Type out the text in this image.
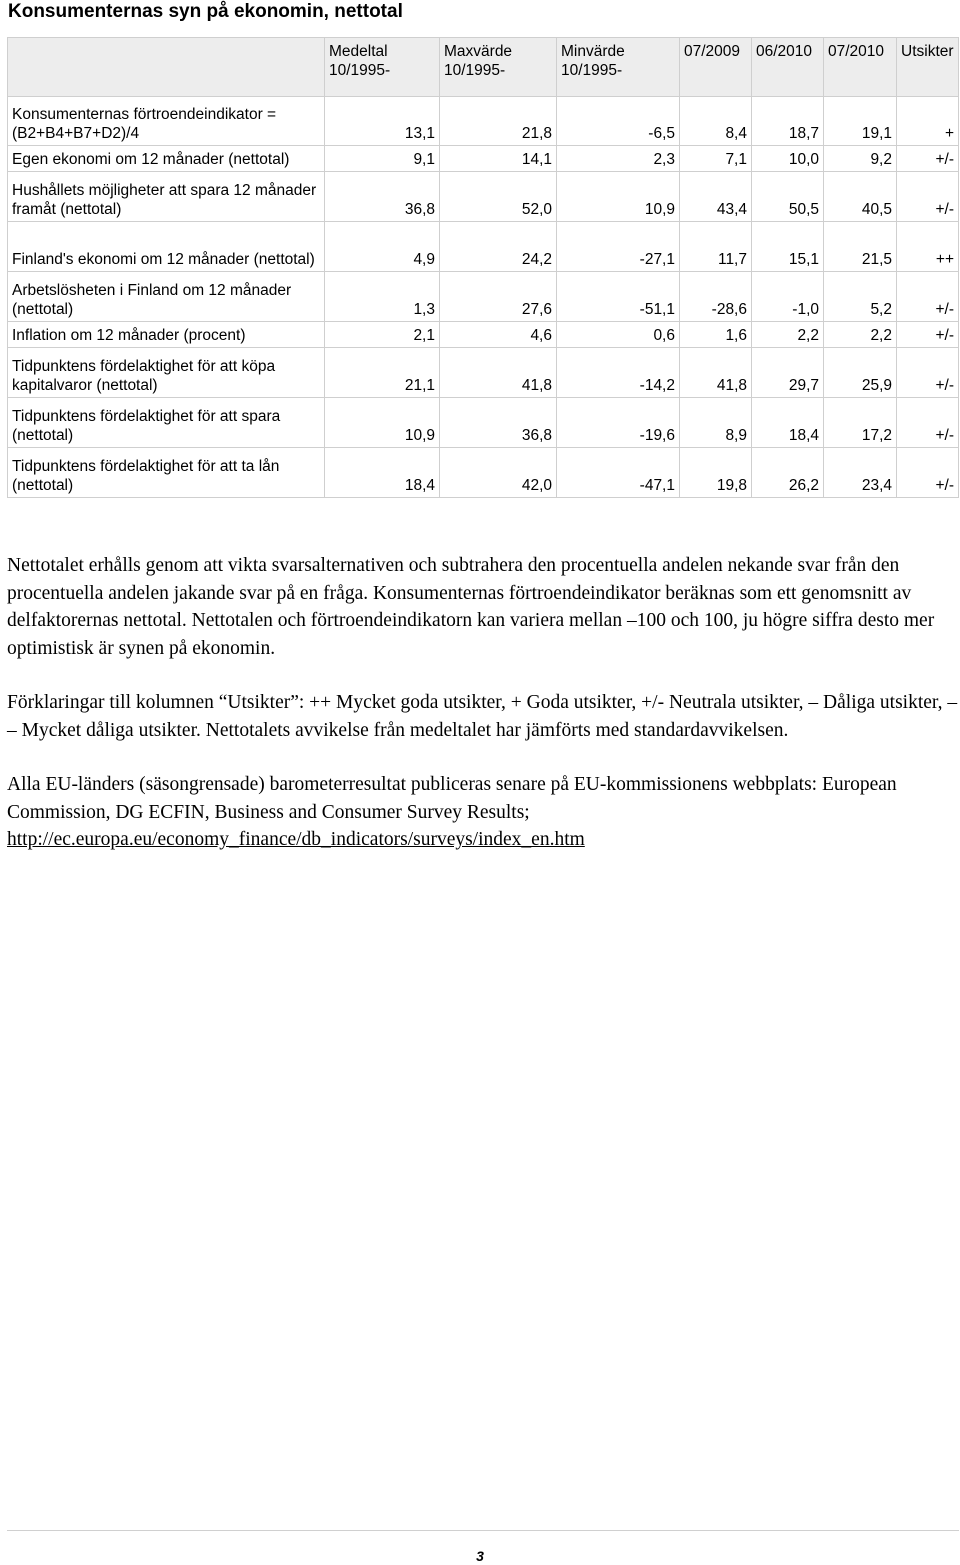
Konsumenternas syn på ekonomin, nettotal
	Medeltal 10/1995-	Maxvärde 10/1995-	Minvärde 10/1995-	07/2009	06/2010	07/2010	Utsikter
Konsumenternas förtroendeindikator = (B2+B4+B7+D2)/4	13,1	21,8	-6,5	8,4	18,7	19,1	+
Egen ekonomi om 12 månader (nettotal)	9,1	14,1	2,3	7,1	10,0	9,2	+/-
Hushållets möjligheter att spara 12 månader framåt (nettotal)	36,8	52,0	10,9	43,4	50,5	40,5	+/-
Finland's ekonomi om 12 månader (nettotal)	4,9	24,2	-27,1	11,7	15,1	21,5	++
Arbetslösheten i Finland om 12 månader (nettotal)	1,3	27,6	-51,1	-28,6	-1,0	5,2	+/-
Inflation om 12 månader (procent)	2,1	4,6	0,6	1,6	2,2	2,2	+/-
Tidpunktens fördelaktighet för att köpa kapitalvaror (nettotal)	21,1	41,8	-14,2	41,8	29,7	25,9	+/-
Tidpunktens fördelaktighet för att spara (nettotal)	10,9	36,8	-19,6	8,9	18,4	17,2	+/-
Tidpunktens fördelaktighet för att ta lån (nettotal)	18,4	42,0	-47,1	19,8	26,2	23,4	+/-

Nettotalet erhålls genom att vikta svarsalternativen och subtrahera den procentuella andelen nekande svar från den procentuella andelen jakande svar på en fråga. Konsumenternas förtroendeindikator beräknas som ett genomsnitt av delfaktorernas nettotal. Nettotalen och förtroendeindikatorn kan variera mellan –100 och 100, ju högre siffra desto mer optimistisk är synen på ekonomin.

Förklaringar till kolumnen “Utsikter”: ++ Mycket goda utsikter, + Goda utsikter, +/- Neutrala utsikter, – Dåliga utsikter, – – Mycket dåliga utsikter. Nettotalets avvikelse från medeltalet har jämförts med standardavvikelsen.

Alla EU-länders (säsongrensade) barometerresultat publiceras senare på EU-kommissionens webbplats: European Commission, DG ECFIN, Business and Consumer Survey Results;
http://ec.europa.eu/economy_finance/db_indicators/surveys/index_en.htm

3
